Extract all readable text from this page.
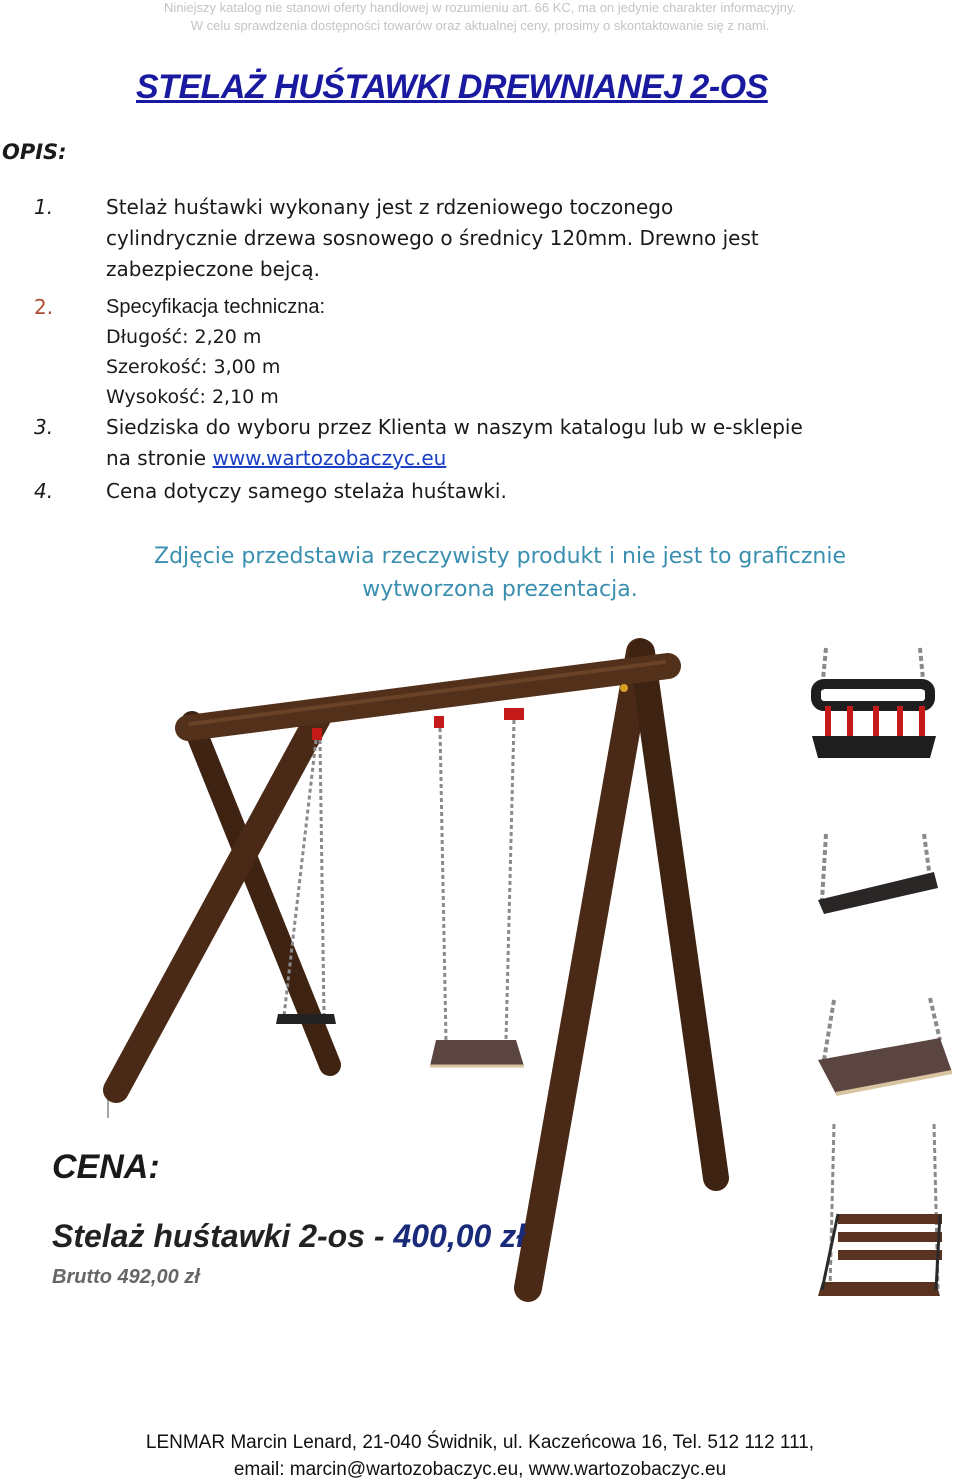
Niniejszy katalog nie stanowi oferty handlowej w rozumieniu art. 66 KC, ma on jedynie charakter informacyjny.
W celu sprawdzenia dostępności towarów oraz aktualnej ceny, prosimy o skontaktowanie się z nami.
STELAŻ HUŚTAWKI DREWNIANEJ 2-OS
OPIS:
1.	Stelaż huśtawki wykonany jest z rdzeniowego toczonego
cylindrycznie drzewa sosnowego o średnicy 120mm. Drewno jest
zabezpieczone bejcą.
2.	Specyfikacja techniczna:
Długość: 2,20 m
Szerokość: 3,00 m
Wysokość: 2,10 m
3.	Siedziska do wyboru przez Klienta w naszym katalogu lub w e-sklepie
na stronie www.wartozobaczyc.eu
4.	Cena dotyczy samego stelaża huśtawki.
Zdjęcie przedstawia rzeczywisty produkt i nie jest to graficznie
wytworzona prezentacja.
CENA:
Stelaż huśtawki 2-os - 400,00 zł
Brutto 492,00 zł
LENMAR Marcin Lenard, 21-040 Świdnik, ul. Kaczeńcowa 16, Tel. 512 112 111,
email: marcin@wartozobaczyc.eu, www.wartozobaczyc.eu
